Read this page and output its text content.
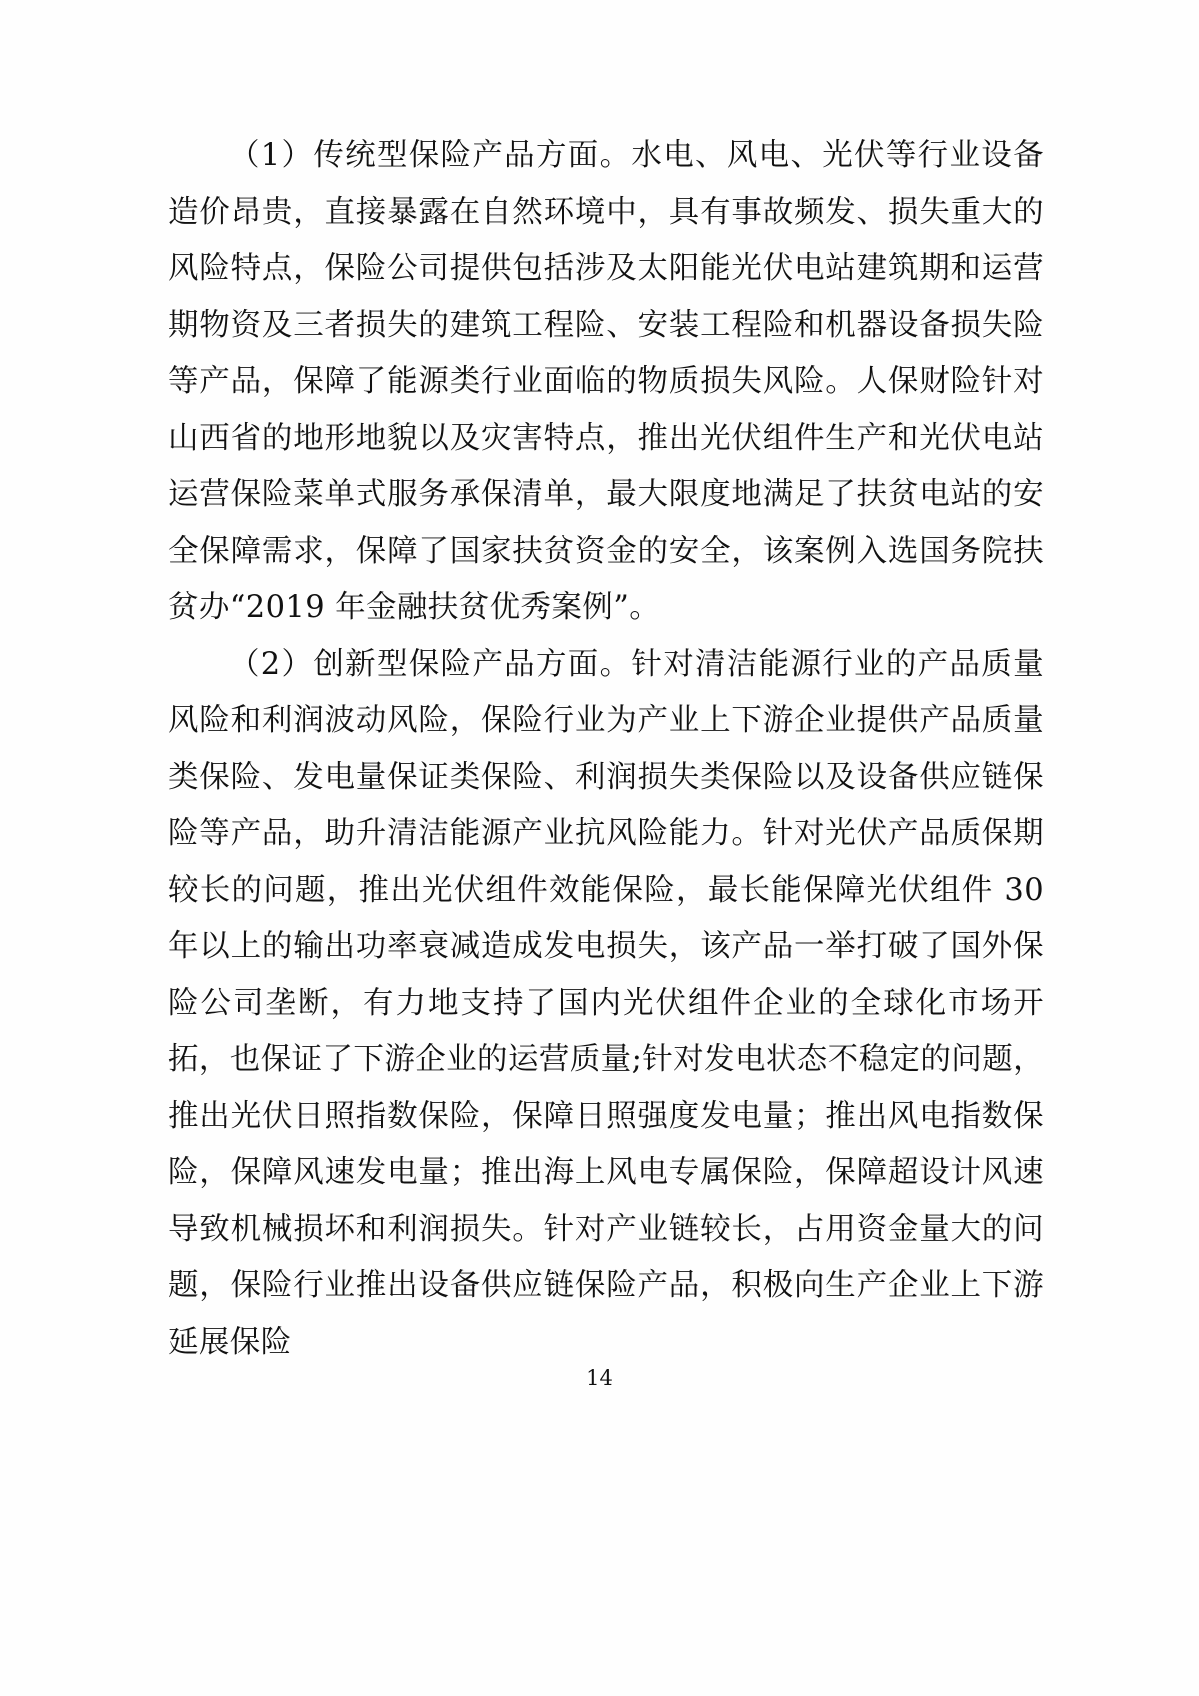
（1）传统型保险产品方面。水电、风电、光伏等行业设备造价昂贵，直接暴露在自然环境中，具有事故频发、损失重大的风险特点，保险公司提供包括涉及太阳能光伏电站建筑期和运营期物资及三者损失的建筑工程险、安装工程险和机器设备损失险等产品，保障了能源类行业面临的物质损失风险。人保财险针对山西省的地形地貌以及灾害特点，推出光伏组件生产和光伏电站运营保险菜单式服务承保清单，最大限度地满足了扶贫电站的安全保障需求，保障了国家扶贫资金的安全，该案例入选国务院扶贫办“2019 年金融扶贫优秀案例”。

（2）创新型保险产品方面。针对清洁能源行业的产品质量风险和利润波动风险，保险行业为产业上下游企业提供产品质量类保险、发电量保证类保险、利润损失类保险以及设备供应链保险等产品，助升清洁能源产业抗风险能力。针对光伏产品质保期较长的问题，推出光伏组件效能保险，最长能保障光伏组件 30 年以上的输出功率衰减造成发电损失，该产品一举打破了国外保险公司垄断，有力地支持了国内光伏组件企业的全球化市场开拓，也保证了下游企业的运营质量;针对发电状态不稳定的问题，推出光伏日照指数保险，保障日照强度发电量；推出风电指数保险，保障风速发电量；推出海上风电专属保险，保障超设计风速导致机械损坏和利润损失。针对产业链较长，占用资金量大的问题，保险行业推出设备供应链保险产品，积极向生产企业上下游延展保险

14
